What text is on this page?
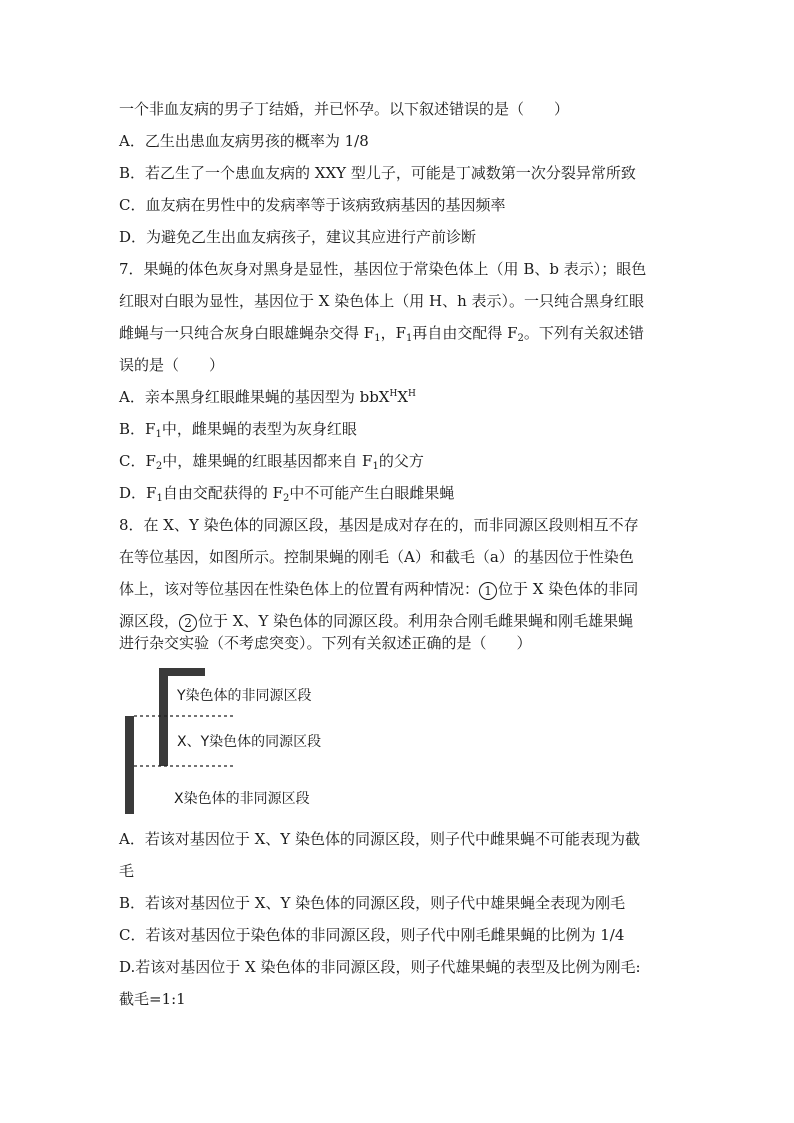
一个非血友病的男子丁结婚，并已怀孕。以下叙述错误的是（　　）
A．乙生出患血友病男孩的概率为 1/8
B．若乙生了一个患血友病的 XXY 型儿子，可能是丁减数第一次分裂异常所致
C．血友病在男性中的发病率等于该病致病基因的基因频率
D．为避免乙生出血友病孩子，建议其应进行产前诊断
7．果蝇的体色灰身对黑身是显性，基因位于常染色体上（用 B、b 表示）；眼色
红眼对白眼为显性，基因位于 X 染色体上（用 H、h 表示）。一只纯合黑身红眼
雌蝇与一只纯合灰身白眼雄蝇杂交得 $F_1$，$F_1$再自由交配得 $F_2$。下列有关叙述错
误的是（　　）
A．亲本黑身红眼雌果蝇的基因型为 $bbX^HX^H$
B．$F_1$中，雌果蝇的表型为灰身红眼
C．$F_2$中，雄果蝇的红眼基因都来自 $F_1$的父方
D．$F_1$自由交配获得的 $F_2$中不可能产生白眼雌果蝇
8．在 X、Y 染色体的同源区段，基因是成对存在的，而非同源区段则相互不存
在等位基因，如图所示。控制果蝇的刚毛（A）和截毛（a）的基因位于性染色
体上，该对等位基因在性染色体上的位置有两种情况： 1 位于 X 染色体的非同
源区段， 2 位于 X、Y 染色体的同源区段。利用杂合刚毛雌果蝇和刚毛雄果蝇
进行杂交实验（不考虑突变）。下列有关叙述正确的是（　　）
Y染色体的非同源区段
X、Y染色体的同源区段
X染色体的非同源区段
A．若该对基因位于 X、Y 染色体的同源区段，则子代中雌果蝇不可能表现为截
毛
B．若该对基因位于 X、Y 染色体的同源区段，则子代中雄果蝇全表现为刚毛
C．若该对基因位于染色体的非同源区段，则子代中刚毛雌果蝇的比例为 1/4
D.若该对基因位于 X 染色体的非同源区段，则子代雄果蝇的表型及比例为刚毛:
截毛=1:1
